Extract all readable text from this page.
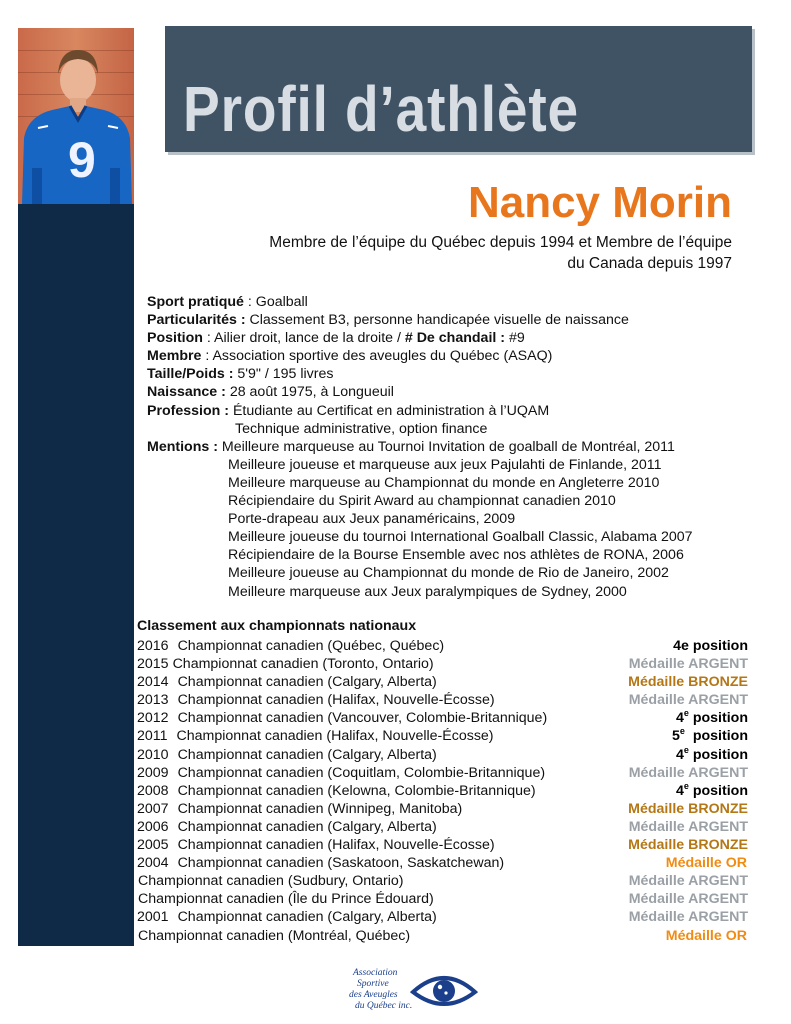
9
Profil d’athlète
Nancy Morin
Membre de l’équipe du Québec depuis 1994 et Membre de l’équipe du Canada depuis 1997
Sport pratiqué : Goalball
Particularités : Classement B3, personne handicapée visuelle de naissance
Position : Ailier droit, lance de la droite / # De chandail : #9
Membre : Association sportive des aveugles du Québec (ASAQ)
Taille/Poids : 5'9" / 195 livres
Naissance : 28 août 1975, à Longueuil
Profession : Étudiante au Certificat en administration à l’UQAM
Technique administrative, option finance
Mentions : Meilleure marqueuse au Tournoi Invitation de goalball de Montréal, 2011
Meilleure joueuse et marqueuse aux jeux Pajulahti de Finlande, 2011
Meilleure marqueuse au Championnat du monde en Angleterre 2010
Récipiendaire du Spirit Award au championnat canadien 2010
Porte-drapeau aux Jeux panaméricains, 2009
Meilleure joueuse du tournoi International Goalball Classic, Alabama 2007
Récipiendaire de la Bourse Ensemble avec nos athlètes de RONA, 2006
Meilleure joueuse au Championnat du monde de Rio de Janeiro, 2002
Meilleure marqueuse aux Jeux paralympiques de Sydney, 2000
Classement aux championnats nationaux
2016 Championnat canadien (Québec, Québec)	4e position
2015 Championnat canadien (Toronto, Ontario)	Médaille ARGENT
2014 Championnat canadien (Calgary, Alberta)	Médaille BRONZE
2013 Championnat canadien (Halifax, Nouvelle-Écosse)	Médaille ARGENT
2012 Championnat canadien (Vancouver, Colombie-Britannique)	4e position
2011 Championnat canadien (Halifax, Nouvelle-Écosse)	5e  position
2010 Championnat canadien (Calgary, Alberta)	4e position
2009 Championnat canadien (Coquitlam, Colombie-Britannique)	Médaille ARGENT
2008 Championnat canadien (Kelowna, Colombie-Britannique)	4e position
2007 Championnat canadien (Winnipeg, Manitoba)	Médaille BRONZE
2006 Championnat canadien (Calgary, Alberta)	Médaille ARGENT
2005 Championnat canadien (Halifax, Nouvelle-Écosse)	Médaille BRONZE
2004 Championnat canadien (Saskatoon, Saskatchewan)	Médaille OR
Championnat canadien (Sudbury, Ontario)	Médaille ARGENT
Championnat canadien (Île du Prince Édouard)	Médaille ARGENT
2001 Championnat canadien (Calgary, Alberta)	Médaille ARGENT
Championnat canadien (Montréal, Québec)	Médaille OR
Association
Sportive
des Aveugles
du Québec inc.
